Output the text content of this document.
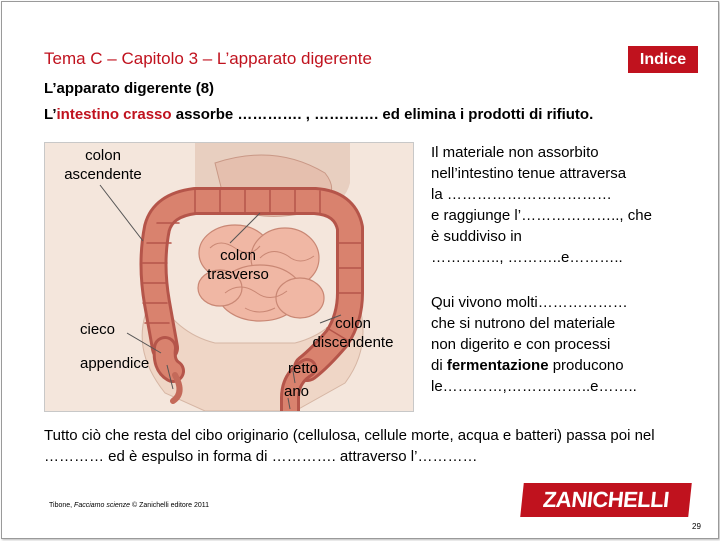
Tema C – Capitolo 3 – L’apparato digerente	Indice
L’apparato digerente (8)
L’intestino crasso assorbe …………. , …………. ed elimina i prodotti di rifiuto.
colon
ascendente
colon
trasverso
cieco
appendice
colon
discendente
retto
ano
Il materiale non assorbito
nell’intestino tenue attraversa
la ……………………………
e raggiunge l’……………….., che
è suddiviso in
………….., ………..e………..
Qui vivono molti………………
che si nutrono del materiale
non digerito e con processi
di fermentazione producono
le…………,……………..e……..
Tutto ciò che resta del cibo originario (cellulosa, cellule morte, acqua e batteri) passa poi nel ………… ed è espulso in forma di …………. attraverso l’…………
Tibone, Facciamo scienze © Zanichelli editore 2011	ZANICHELLI
29
